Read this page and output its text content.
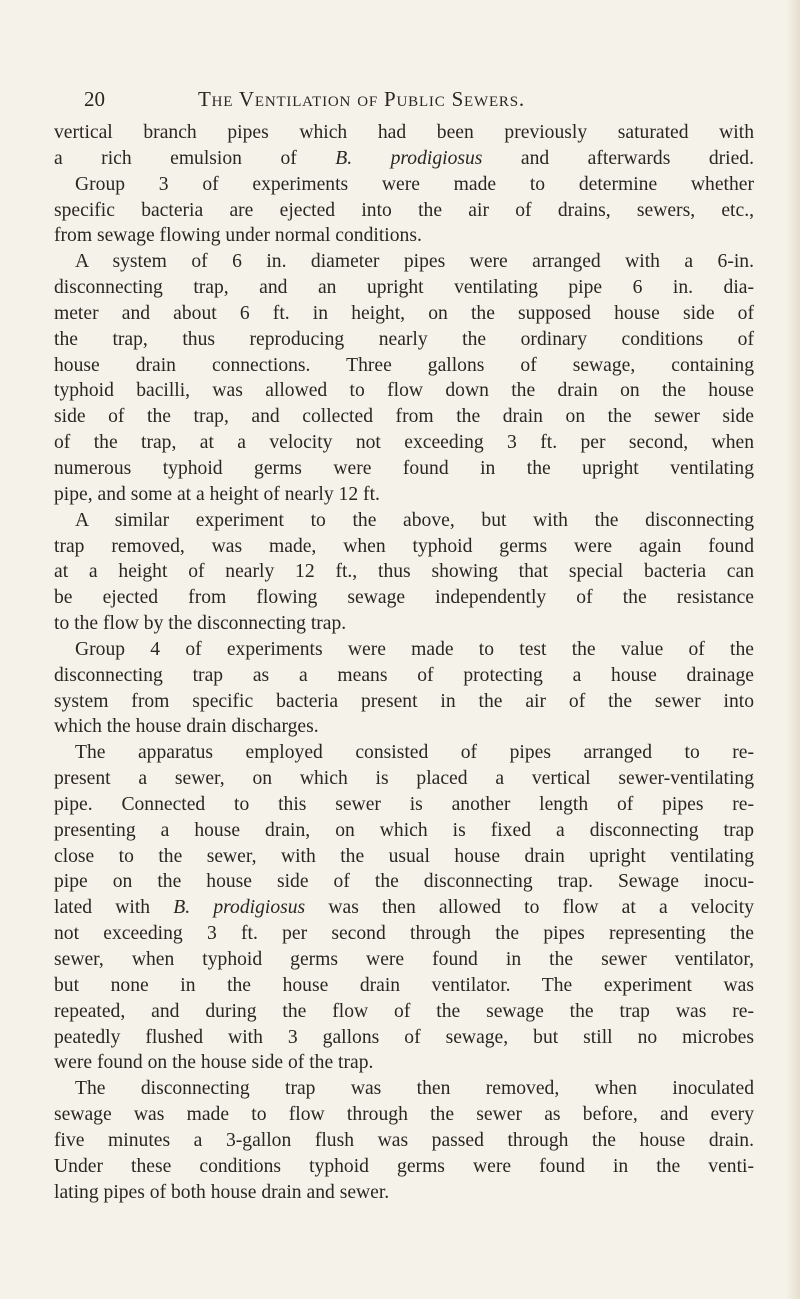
20	The Ventilation of Public Sewers.
vertical branch pipes which had been previously saturated with
a rich emulsion of B. prodigiosus and afterwards dried.
Group 3 of experiments were made to determine whether
specific bacteria are ejected into the air of drains, sewers, etc.,
from sewage flowing under normal conditions.
A system of 6 in. diameter pipes were arranged with a 6-in.
disconnecting trap, and an upright ventilating pipe 6 in. dia-
meter and about 6 ft. in height, on the supposed house side of
the trap, thus reproducing nearly the ordinary conditions of
house drain connections. Three gallons of sewage, containing
typhoid bacilli, was allowed to flow down the drain on the house
side of the trap, and collected from the drain on the sewer side
of the trap, at a velocity not exceeding 3 ft. per second, when
numerous typhoid germs were found in the upright ventilating
pipe, and some at a height of nearly 12 ft.
A similar experiment to the above, but with the disconnecting
trap removed, was made, when typhoid germs were again found
at a height of nearly 12 ft., thus showing that special bacteria can
be ejected from flowing sewage independently of the resistance
to the flow by the disconnecting trap.
Group 4 of experiments were made to test the value of the
disconnecting trap as a means of protecting a house drainage
system from specific bacteria present in the air of the sewer into
which the house drain discharges.
The apparatus employed consisted of pipes arranged to re-
present a sewer, on which is placed a vertical sewer-ventilating
pipe. Connected to this sewer is another length of pipes re-
presenting a house drain, on which is fixed a disconnecting trap
close to the sewer, with the usual house drain upright ventilating
pipe on the house side of the disconnecting trap. Sewage inocu-
lated with B. prodigiosus was then allowed to flow at a velocity
not exceeding 3 ft. per second through the pipes representing the
sewer, when typhoid germs were found in the sewer ventilator,
but none in the house drain ventilator. The experiment was
repeated, and during the flow of the sewage the trap was re-
peatedly flushed with 3 gallons of sewage, but still no microbes
were found on the house side of the trap.
The disconnecting trap was then removed, when inoculated
sewage was made to flow through the sewer as before, and every
five minutes a 3-gallon flush was passed through the house drain.
Under these conditions typhoid germs were found in the venti-
lating pipes of both house drain and sewer.
